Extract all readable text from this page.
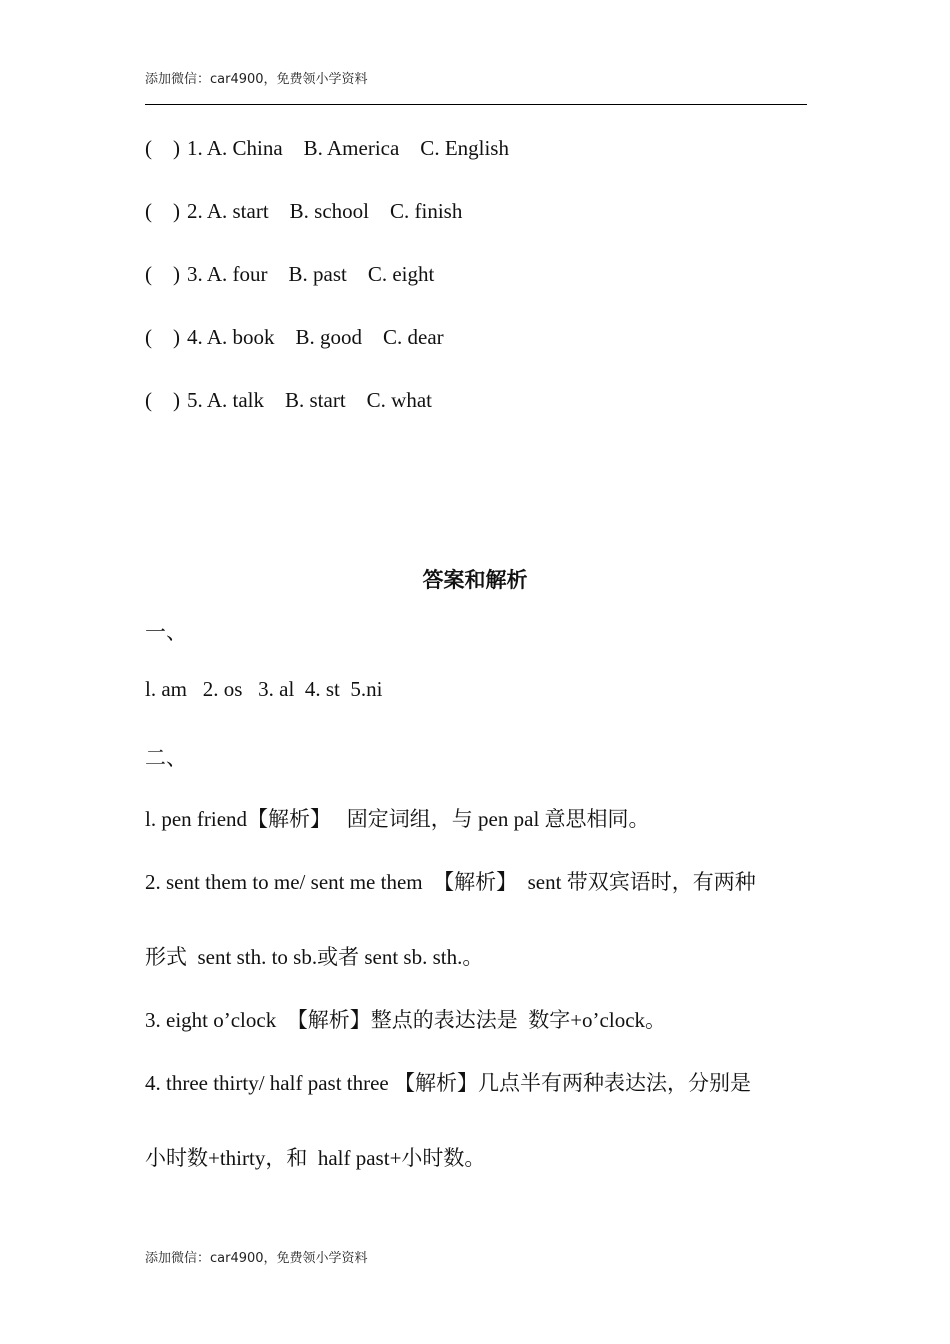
添加微信：car4900，免费领小学资料
(    ) 1. A. China    B. America    C. English
(    ) 2. A. start    B. school    C. finish
(    ) 3. A. four    B. past    C. eight
(    ) 4. A. book    B. good    C. dear
(    ) 5. A. talk    B. start    C. what
答案和解析
一、
l. am   2. os   3. al  4. st  5.ni
二、
l. pen friend【解析】   固定词组，与 pen pal 意思相同。
2. sent them to me/ sent me them  【解析】  sent 带双宾语时，有两种
形式  sent sth. to sb.或者 sent sb. sth.。
3. eight o’clock  【解析】整点的表达法是  数字+o’clock。
4. three thirty/ half past three 【解析】几点半有两种表达法，分别是
小时数+thirty，和  half past+小时数。
添加微信：car4900，免费领小学资料
